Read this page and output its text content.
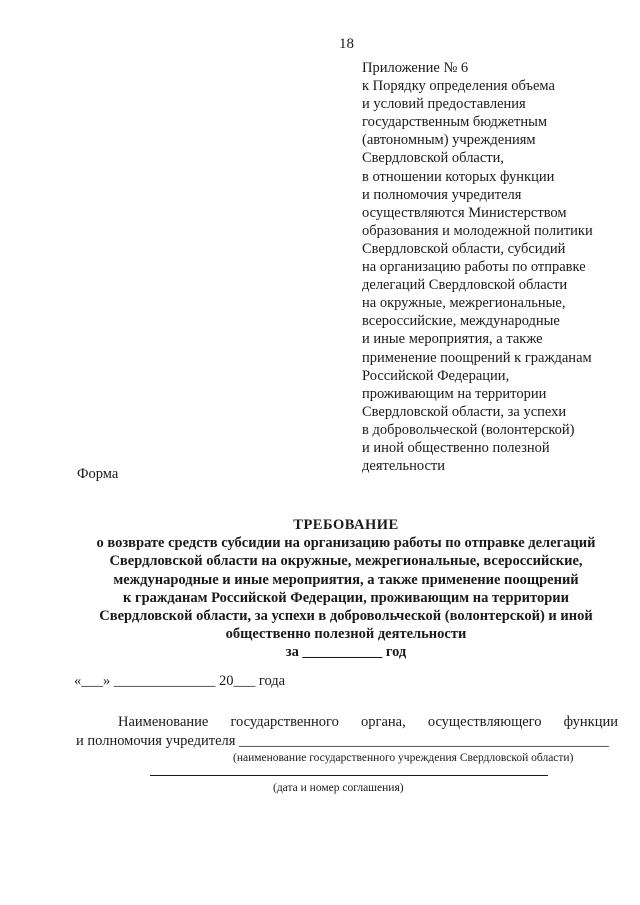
18
Приложение № 6
к Порядку определения объема
и условий предоставления
государственным бюджетным
(автономным) учреждениям
Свердловской области,
в отношении которых функции
и полномочия учредителя
осуществляются Министерством
образования и молодежной политики
Свердловской области, субсидий
на организацию работы по отправке
делегаций Свердловской области
на окружные, межрегиональные,
всероссийские, международные
и иные мероприятия, а также
применение поощрений к гражданам
Российской Федерации,
проживающим на территории
Свердловской области, за успехи
в добровольческой (волонтерской)
и иной общественно полезной
деятельности
Форма
ТРЕБОВАНИЕ
о возврате средств субсидии на организацию работы по отправке делегаций
Свердловской области на окружные, межрегиональные, всероссийские,
международные и иные мероприятия, а также применение поощрений
к гражданам Российской Федерации, проживающим на территории
Свердловской области, за успехи в добровольческой (волонтерской) и иной
общественно полезной деятельности
за ___________ год
«___» ______________ 20___ года
Наименование государственного органа, осуществляющего функции
и полномочия учредителя ___________________________________________________
(наименование государственного учреждения Свердловской области)
(дата и номер соглашения)
